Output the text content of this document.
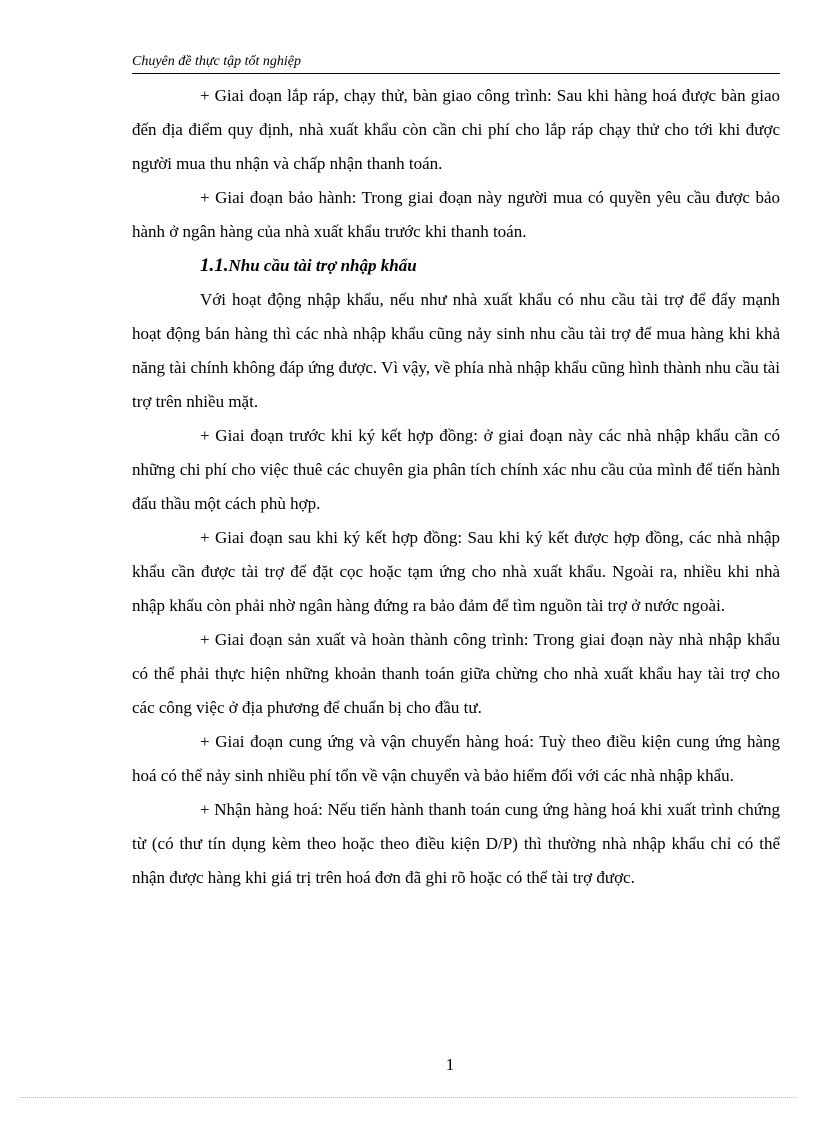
Chuyên đề thực tập tốt nghiệp

+ Giai đoạn lắp ráp, chạy thử, bàn giao công trình: Sau khi hàng hoá được bàn giao đến địa điểm quy định, nhà xuất khẩu còn cần chi phí cho lắp ráp chạy thử cho tới khi được người mua thu nhận và chấp nhận thanh toán.

+ Giai đoạn bảo hành: Trong giai đoạn này người mua có quyền yêu cầu được bảo hành ở ngân hàng của nhà xuất khẩu trước khi thanh toán.

1.1.Nhu cầu tài trợ nhập khẩu

Với hoạt động nhập khẩu, nếu như nhà xuất khẩu có nhu cầu tài trợ để đẩy mạnh hoạt động bán hàng thì các nhà nhập khẩu cũng nảy sinh nhu cầu tài trợ để mua hàng khi khả năng tài chính không đáp ứng được. Vì vậy, về phía nhà nhập khẩu cũng hình thành nhu cầu tài trợ trên nhiều mặt.

+ Giai đoạn trước khi ký kết hợp đồng: ở giai đoạn này các nhà nhập khẩu cần có những chi phí cho việc thuê các chuyên gia phân tích chính xác nhu cầu của mình để tiến hành đấu thầu một cách phù hợp.

+ Giai đoạn sau khi ký kết hợp đồng: Sau khi ký kết được hợp đồng, các nhà nhập khẩu cần được tài trợ để đặt cọc hoặc tạm ứng cho nhà xuất khẩu. Ngoài ra, nhiều khi nhà nhập khẩu còn phải nhờ ngân hàng đứng ra bảo đảm để tìm nguồn tài trợ ở nước ngoài.

+ Giai đoạn sản xuất và hoàn thành công trình: Trong giai đoạn này nhà nhập khẩu có thể phải thực hiện những khoản thanh toán giữa chừng cho nhà xuất khẩu hay tài trợ cho các công việc ở địa phương để chuẩn bị cho đầu tư.

+ Giai đoạn cung ứng và vận chuyển hàng hoá: Tuỳ theo điều kiện cung ứng hàng hoá có thể nảy sinh nhiều phí tổn về vận chuyển và bảo hiểm đối với các nhà nhập khẩu.

+ Nhận hàng hoá: Nếu tiến hành thanh toán cung ứng hàng hoá khi xuất trình chứng từ (có thư tín dụng kèm theo hoặc theo điều kiện D/P) thì thường nhà nhập khẩu chỉ có thể nhận được hàng khi giá trị trên hoá đơn đã ghi rõ hoặc có thể tài trợ được.

1
